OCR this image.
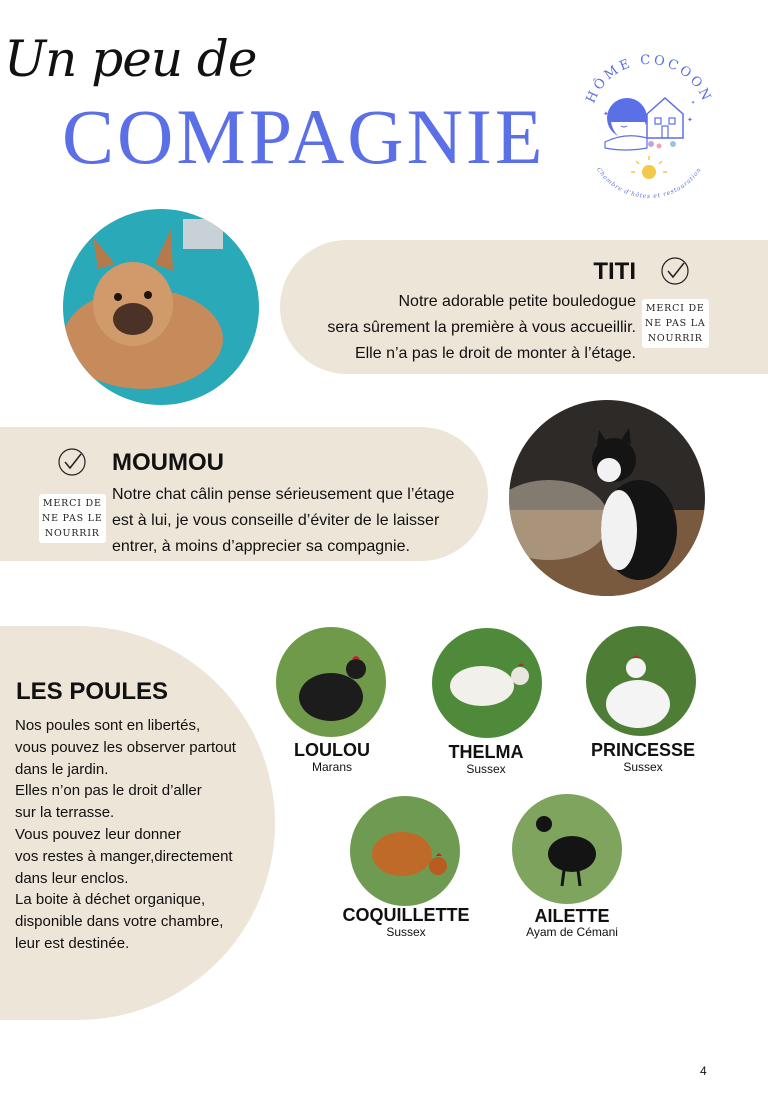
Un peu de
COMPAGNIE	HÔME COCOON
Chambre d'hôtes et restauration
✦
✦
✦
TITI
Notre adorable petite bouledogue
sera sûrement la première à vous accueillir.
Elle n’a pas le droit de monter à l’étage.
MERCI DE
NE PAS LA
NOURRIR
MOUMOU
Notre chat câlin pense sérieusement que l’étage
est à lui, je vous conseille d’éviter de le laisser
entrer, à moins d’apprecier sa compagnie.
MERCI DE
NE PAS LE
NOURRIR
LES POULES
Nos poules sont en libertés,
vous pouvez les observer partout
dans le jardin.
Elles n’on pas le droit d’aller
sur la terrasse.
Vous pouvez leur donner
vos restes à manger,directement
dans leur enclos.
La boite à déchet organique,
disponible dans votre chambre,
leur est destinée.
LOULOU
Marans
THELMA
Sussex
PRINCESSE
Sussex
COQUILLETTE
Sussex
AILETTE
Ayam de Cémani
4
